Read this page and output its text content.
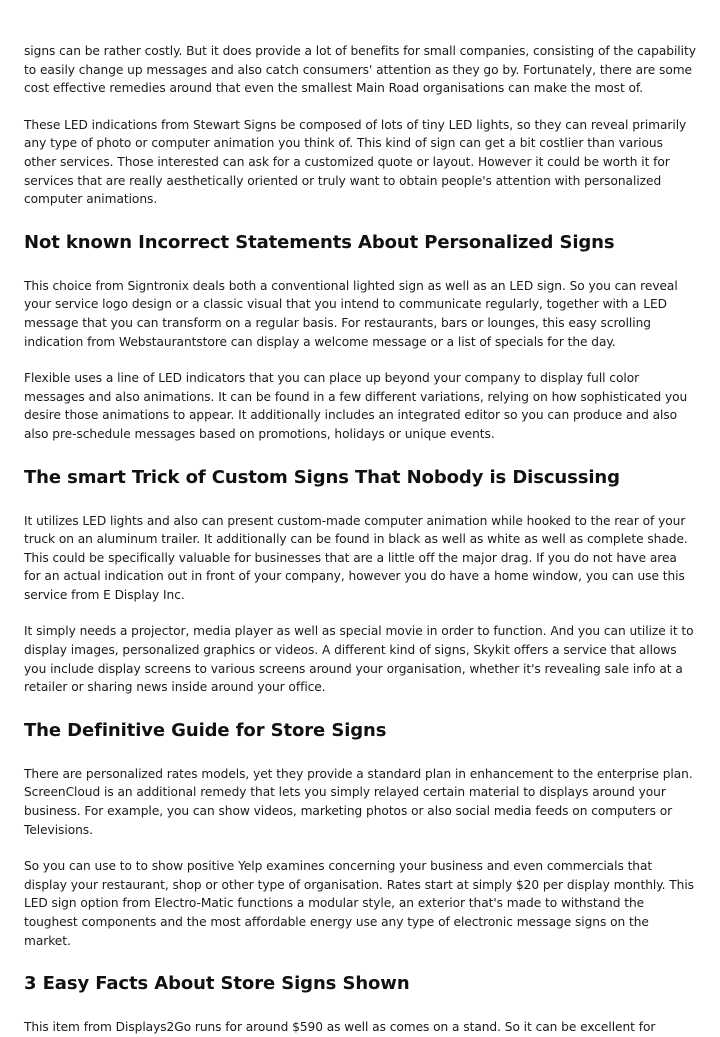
signs can be rather costly. But it does provide a lot of benefits for small companies, consisting of the capability to easily change up messages and also catch consumers' attention as they go by. Fortunately, there are some cost effective remedies around that even the smallest Main Road organisations can make the most of.

These LED indications from Stewart Signs be composed of lots of tiny LED lights, so they can reveal primarily any type of photo or computer animation you think of. This kind of sign can get a bit costlier than various other services. Those interested can ask for a customized quote or layout. However it could be worth it for services that are really aesthetically oriented or truly want to obtain people's attention with personalized computer animations.

Not known Incorrect Statements About Personalized Signs

This choice from Signtronix deals both a conventional lighted sign as well as an LED sign. So you can reveal your service logo design or a classic visual that you intend to communicate regularly, together with a LED message that you can transform on a regular basis. For restaurants, bars or lounges, this easy scrolling indication from Webstaurantstore can display a welcome message or a list of specials for the day.

Flexible uses a line of LED indicators that you can place up beyond your company to display full color messages and also animations. It can be found in a few different variations, relying on how sophisticated you desire those animations to appear. It additionally includes an integrated editor so you can produce and also also pre-schedule messages based on promotions, holidays or unique events.

The smart Trick of Custom Signs That Nobody is Discussing

It utilizes LED lights and also can present custom-made computer animation while hooked to the rear of your truck on an aluminum trailer. It additionally can be found in black as well as white as well as complete shade. This could be specifically valuable for businesses that are a little off the major drag. If you do not have area for an actual indication out in front of your company, however you do have a home window, you can use this service from E Display Inc.

It simply needs a projector, media player as well as special movie in order to function. And you can utilize it to display images, personalized graphics or videos. A different kind of signs, Skykit offers a service that allows you include display screens to various screens around your organisation, whether it's revealing sale info at a retailer or sharing news inside around your office.

The Definitive Guide for Store Signs

There are personalized rates models, yet they provide a standard plan in enhancement to the enterprise plan. ScreenCloud is an additional remedy that lets you simply relayed certain material to displays around your business. For example, you can show videos, marketing photos or also social media feeds on computers or Televisions.

So you can use to to show positive Yelp examines concerning your business and even commercials that display your restaurant, shop or other type of organisation. Rates start at simply $20 per display monthly. This LED sign option from Electro-Matic functions a modular style, an exterior that's made to withstand the toughest components and the most affordable energy use any type of electronic message signs on the market.

3 Easy Facts About Store Signs Shown

This item from Displays2Go runs for around $590 as well as comes on a stand. So it can be excellent for
